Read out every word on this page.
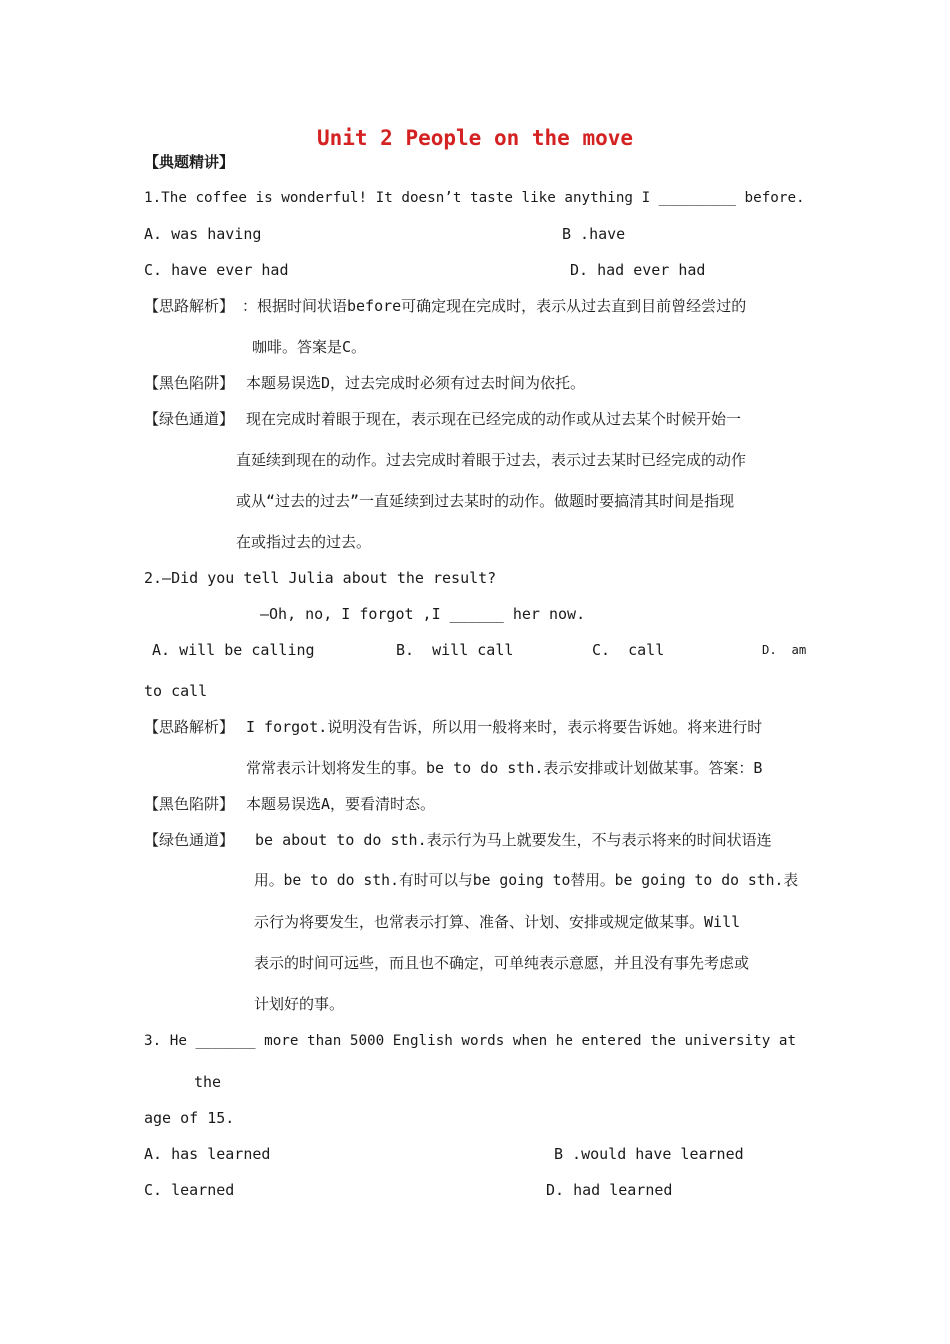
Unit 2 People on the move
【典题精讲】
1.The coffee is wonderful! It doesn’t taste like anything I _________ before.
A. was having	B .have
C. have ever had	D. had ever had
【思路解析】 ：根据时间状语before可确定现在完成时，表示从过去直到目前曾经尝过的
咖啡。答案是C。
【黑色陷阱】 本题易误选D，过去完成时必须有过去时间为依托。
【绿色通道】 现在完成时着眼于现在，表示现在已经完成的动作或从过去某个时候开始一
直延续到现在的动作。过去完成时着眼于过去，表示过去某时已经完成的动作
或从“过去的过去”一直延续到过去某时的动作。做题时要搞清其时间是指现
在或指过去的过去。
2.—Did you tell Julia about the result?
—Oh, no, I forgot ,I ______ her now.
A. will be calling	B.  will call	C.  call	D.  am
to call
【思路解析】 I forgot.说明没有告诉，所以用一般将来时，表示将要告诉她。将来进行时
常常表示计划将发生的事。be to do sth.表示安排或计划做某事。答案：B
【黑色陷阱】 本题易误选A，要看清时态。
【绿色通道】 be about to do sth.表示行为马上就要发生，不与表示将来的时间状语连
用。be to do sth.有时可以与be going to替用。be going to do sth.表
示行为将要发生，也常表示打算、准备、计划、安排或规定做某事。Will
表示的时间可远些，而且也不确定，可单纯表示意愿，并且没有事先考虑或
计划好的事。
3. He _______ more than 5000 English words when he entered the university at
the
age of 15.
A. has learned	B .would have learned
C. learned	D. had learned
